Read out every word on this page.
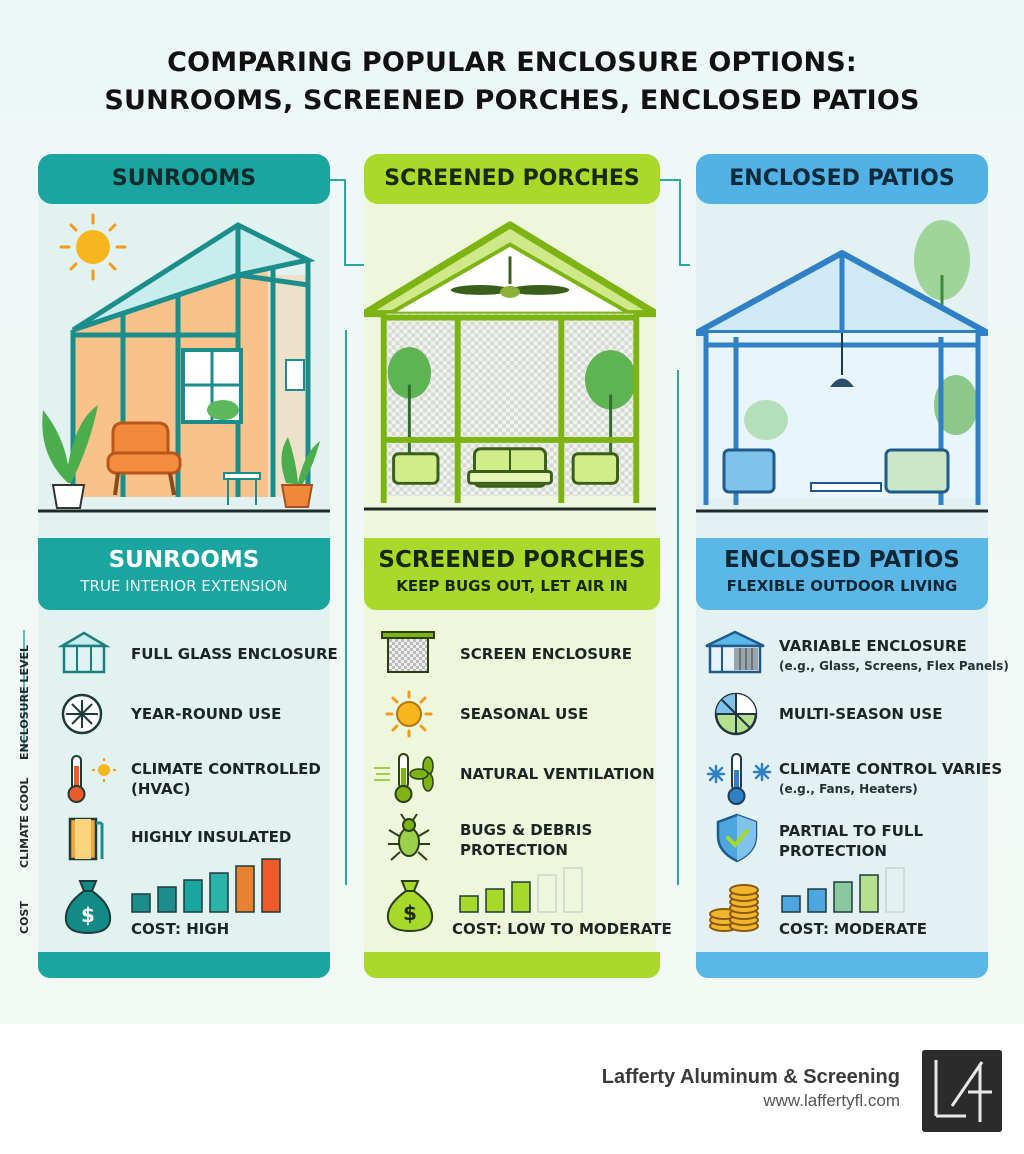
COMPARING POPULAR ENCLOSURE OPTIONS:
SUNROOMS, SCREENED PORCHES, ENCLOSED PATIOS
SUNROOMS	SCREENED PORCHES	ENCLOSED PATIOS
SUNROOMS
TRUE INTERIOR EXTENSION
SCREENED PORCHES
KEEP BUGS OUT, LET AIR IN
ENCLOSED PATIOS
FLEXIBLE OUTDOOR LIVING
ENCLOSURE LEVEL
CLIMATE COOL
COST
FULL GLASS ENCLOSURE
YEAR-ROUND USE
CLIMATE CONTROLLED
(HVAC)
HIGHLY INSULATED
$
COST: HIGH
SCREEN ENCLOSURE
SEASONAL USE
NATURAL VENTILATION
BUGS & DEBRIS
PROTECTION
$
COST: LOW TO MODERATE
VARIABLE ENCLOSURE
(e.g., Glass, Screens, Flex Panels)
MULTI-SEASON USE
CLIMATE CONTROL VARIES
(e.g., Fans, Heaters)
PARTIAL TO FULL
PROTECTION
COST: MODERATE
Lafferty Aluminum & Screening
www.laffertyfl.com
